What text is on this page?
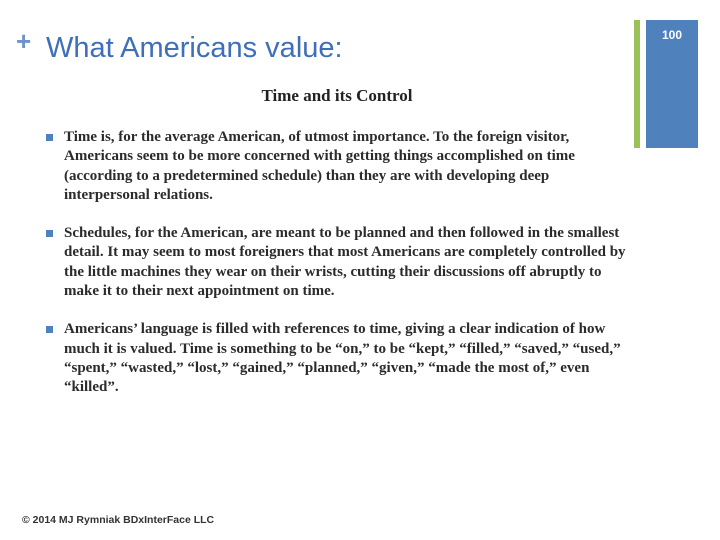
+ What Americans value:	100
Time and its Control
Time is, for the average American, of utmost importance. To the foreign visitor, Americans seem to be more concerned with getting things accomplished on time (according to a predetermined schedule) than they are with developing deep interpersonal relations.
Schedules, for the American, are meant to be planned and then followed in the smallest detail. It may seem to most foreigners that most Americans are completely controlled by the little machines they wear on their wrists, cutting their discussions off abruptly to make it to their next appointment on time.
Americans’ language is filled with references to time, giving a clear indication of how much it is valued. Time is something to be “on,” to be “kept,” “filled,” “saved,” “used,” “spent,” “wasted,” “lost,” “gained,” “planned,” “given,” “made the most of,” even “killed”.
© 2014 MJ Rymniak BDxInterFace LLC
